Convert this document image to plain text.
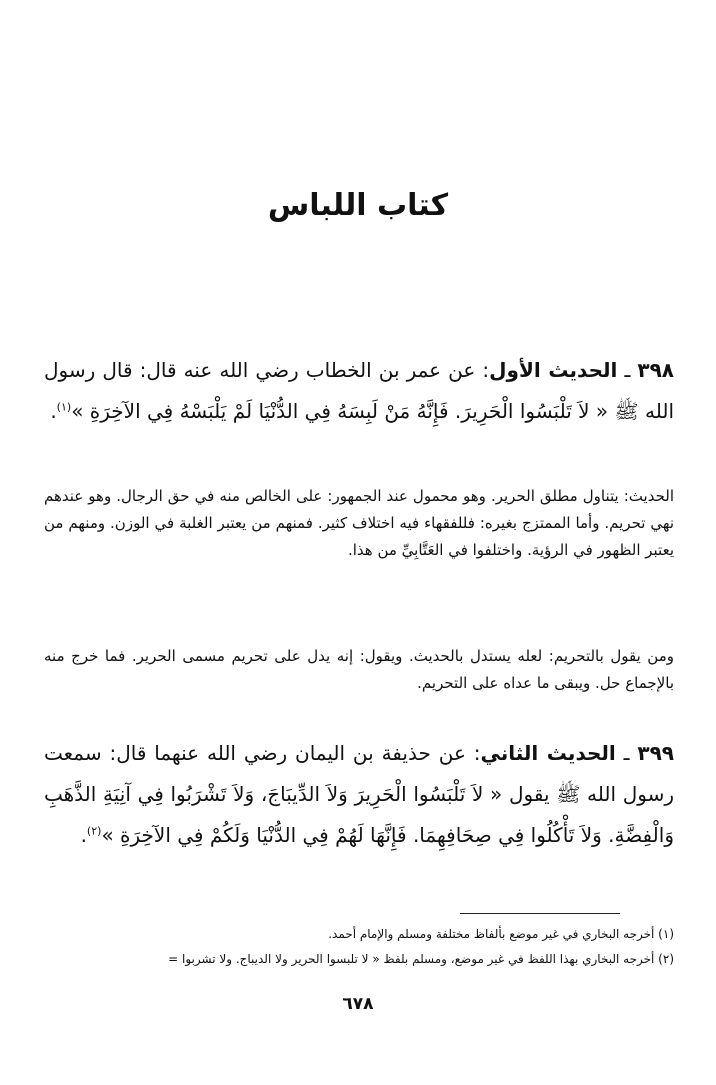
كتاب اللباس
٣٩٨ ـ الحديث الأول: عن عمر بن الخطاب رضي الله عنه قال: قال رسول الله ﷺ « لاَ تَلْبَسُوا الْحَرِيرَ. فَإِنَّهُ مَنْ لَبِسَهُ فِي الدُّنْيَا لَمْ يَلْبَسْهُ فِي الآخِرَةِ »$^{(١)}$.
الحديث: يتناول مطلق الحرير. وهو محمول عند الجمهور: على الخالص منه في حق الرجال. وهو عندهم نهي تحريم. وأما الممتزج بغيره: فللفقهاء فيه اختلاف كثير. فمنهم من يعتبر الغلبة في الوزن. ومنهم من يعتبر الظهور في الرؤية. واختلفوا في العَتَّابِيِّ من هذا.
ومن يقول بالتحريم: لعله يستدل بالحديث. ويقول: إنه يدل على تحريم مسمى الحرير. فما خرج منه بالإجماع حل. ويبقى ما عداه على التحريم.
٣٩٩ ـ الحديث الثاني: عن حذيفة بن اليمان رضي الله عنهما قال: سمعت رسول الله ﷺ يقول « لاَ تَلْبَسُوا الْحَرِيرَ وَلاَ الدِّيبَاجَ، وَلاَ تَشْرَبُوا فِي آنِيَةِ الذَّهَبِ وَالْفِضَّةِ. وَلاَ تَأْكُلُوا فِي صِحَافِهِمَا. فَإِنَّهَا لَهُمْ فِي الدُّنْيَا وَلَكُمْ فِي الآخِرَةِ »$^{(٢)}$.
(١) أخرجه البخاري في غير موضع بألفاظ مختلفة ومسلم والإمام أحمد.
(٢) أخرجه البخاري بهذا اللفظ في غير موضع، ومسلم بلفظ « لا تلبسوا الحرير ولا الديباج. ولا تشربوا =
٦٧٨
